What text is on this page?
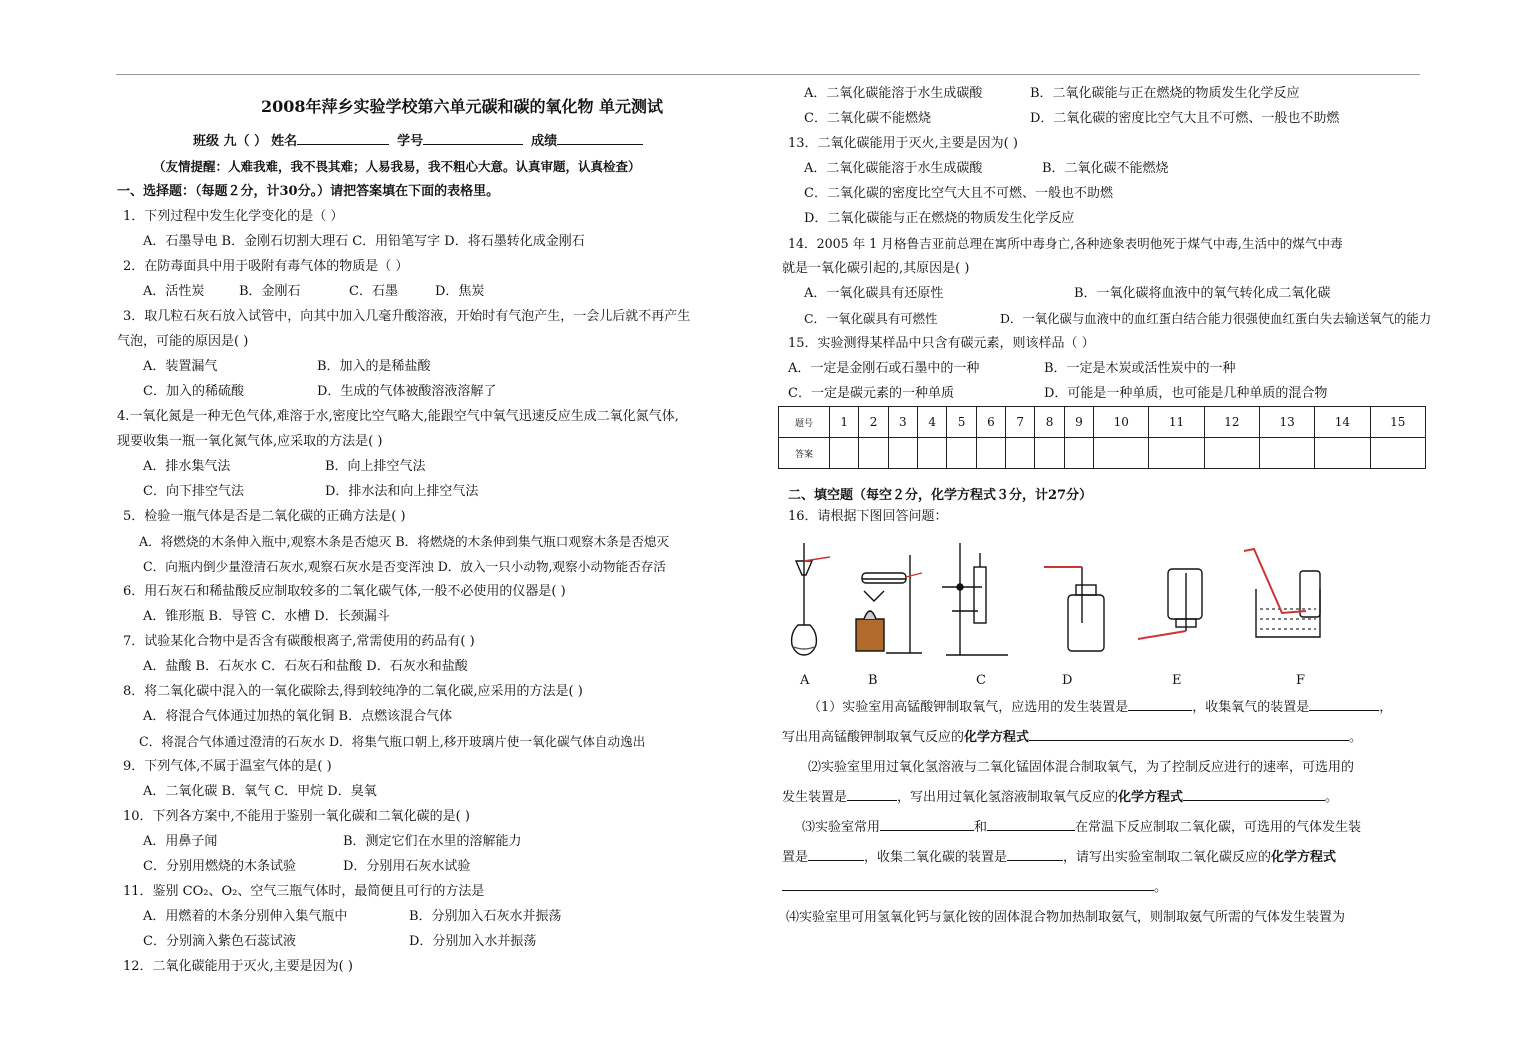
2008年萍乡实验学校第六单元碳和碳的氧化物 单元测试
班级 九（ ） 姓名	学号	成绩
（友情提醒：人难我难，我不畏其难；人易我易，我不粗心大意。认真审题，认真检查）
一、选择题：（每题２分，计30分。）请把答案填在下面的表格里。
1．下列过程中发生化学变化的是（ ）
A．石墨导电 B．金刚石切割大理石 C．用铅笔写字 D．将石墨转化成金刚石
2．在防毒面具中用于吸附有毒气体的物质是（ ）
A．活性炭	B．金刚石	C．石墨	D．焦炭
3．取几粒石灰石放入试管中，向其中加入几毫升酸溶液，开始时有气泡产生，一会儿后就不再产生
气泡，可能的原因是( )
A．装置漏气	B．加入的是稀盐酸
C．加入的稀硫酸	D．生成的气体被酸溶液溶解了
4.一氧化氮是一种无色气体,难溶于水,密度比空气略大,能跟空气中氧气迅速反应生成二氧化氮气体,
现要收集一瓶一氧化氮气体,应采取的方法是( )
A．排水集气法	B．向上排空气法
C．向下排空气法	D．排水法和向上排空气法
5．检验一瓶气体是否是二氧化碳的正确方法是( )
A．将燃烧的木条伸入瓶中,观察木条是否熄灭 B．将燃烧的木条伸到集气瓶口观察木条是否熄灭
C．向瓶内倒少量澄清石灰水,观察石灰水是否变浑浊 D．放入一只小动物,观察小动物能否存活
6．用石灰石和稀盐酸反应制取较多的二氧化碳气体,一般不必使用的仪器是( )
A．锥形瓶 B．导管 C．水槽 D．长颈漏斗
7．试验某化合物中是否含有碳酸根离子,常需使用的药品有( )
A．盐酸 B．石灰水 C．石灰石和盐酸 D．石灰水和盐酸
8．将二氧化碳中混入的一氧化碳除去,得到较纯净的二氧化碳,应采用的方法是( )
A．将混合气体通过加热的氧化铜 B．点燃该混合气体
C．将混合气体通过澄清的石灰水 D．将集气瓶口朝上,移开玻璃片使一氧化碳气体自动逸出
9．下列气体,不属于温室气体的是( )
A．二氧化碳 B．氧气 C．甲烷 D．臭氧
10．下列各方案中,不能用于鉴别一氧化碳和二氧化碳的是( )
A．用鼻子闻	B．测定它们在水里的溶解能力
C．分别用燃烧的木条试验	D．分别用石灰水试验
11．鉴别 CO₂、O₂、空气三瓶气体时，最简便且可行的方法是
A．用燃着的木条分别伸入集气瓶中	B．分别加入石灰水并振荡
C．分别滴入紫色石蕊试液	D．分别加入水并振荡
12．二氧化碳能用于灭火,主要是因为( )
A．二氧化碳能溶于水生成碳酸	B．二氧化碳能与正在燃烧的物质发生化学反应
C．二氧化碳不能燃烧	D．二氧化碳的密度比空气大且不可燃、一般也不助燃
13．二氧化碳能用于灭火,主要是因为( )
A．二氧化碳能溶于水生成碳酸	B．二氧化碳不能燃烧
C．二氧化碳的密度比空气大且不可燃、一般也不助燃
D．二氧化碳能与正在燃烧的物质发生化学反应
14．2005 年 1 月格鲁吉亚前总理在寓所中毒身亡,各种迹象表明他死于煤气中毒,生活中的煤气中毒
就是一氧化碳引起的,其原因是( )
A．一氧化碳具有还原性	B．一氧化碳将血液中的氧气转化成二氧化碳
C．一氧化碳具有可燃性	D．一氧化碳与血液中的血红蛋白结合能力很强使血红蛋白失去输送氧气的能力
15．实验测得某样品中只含有碳元素，则该样品（ ）
A．一定是金刚石或石墨中的一种	B．一定是木炭或活性炭中的一种
C．一定是碳元素的一种单质	D．可能是一种单质，也可能是几种单质的混合物
题号	1	2	3	4	5	6	7	8	9	10	11	12	13	14	15
答案															
二、填空题（每空２分，化学方程式３分，计27分）
16．请根据下图回答问题：
A	B	C	D	E	F
（1）实验室用高锰酸钾制取氧气，应选用的发生装置是	，收集氧气的装置是	，
写出用高锰酸钾制取氧气反应的化学方程式	。
⑵实验室里用过氧化氢溶液与二氧化锰固体混合制取氧气，为了控制反应进行的速率，可选用的
发生装置是	，写出用过氧化氢溶液制取氧气反应的化学方程式	。
⑶实验室常用	和	在常温下反应制取二氧化碳，可选用的气体发生装
置是	，收集二氧化碳的装置是	，请写出实验室制取二氧化碳反应的化学方程式
。
⑷实验室里可用氢氧化钙与氯化铵的固体混合物加热制取氨气，则制取氨气所需的气体发生装置为
